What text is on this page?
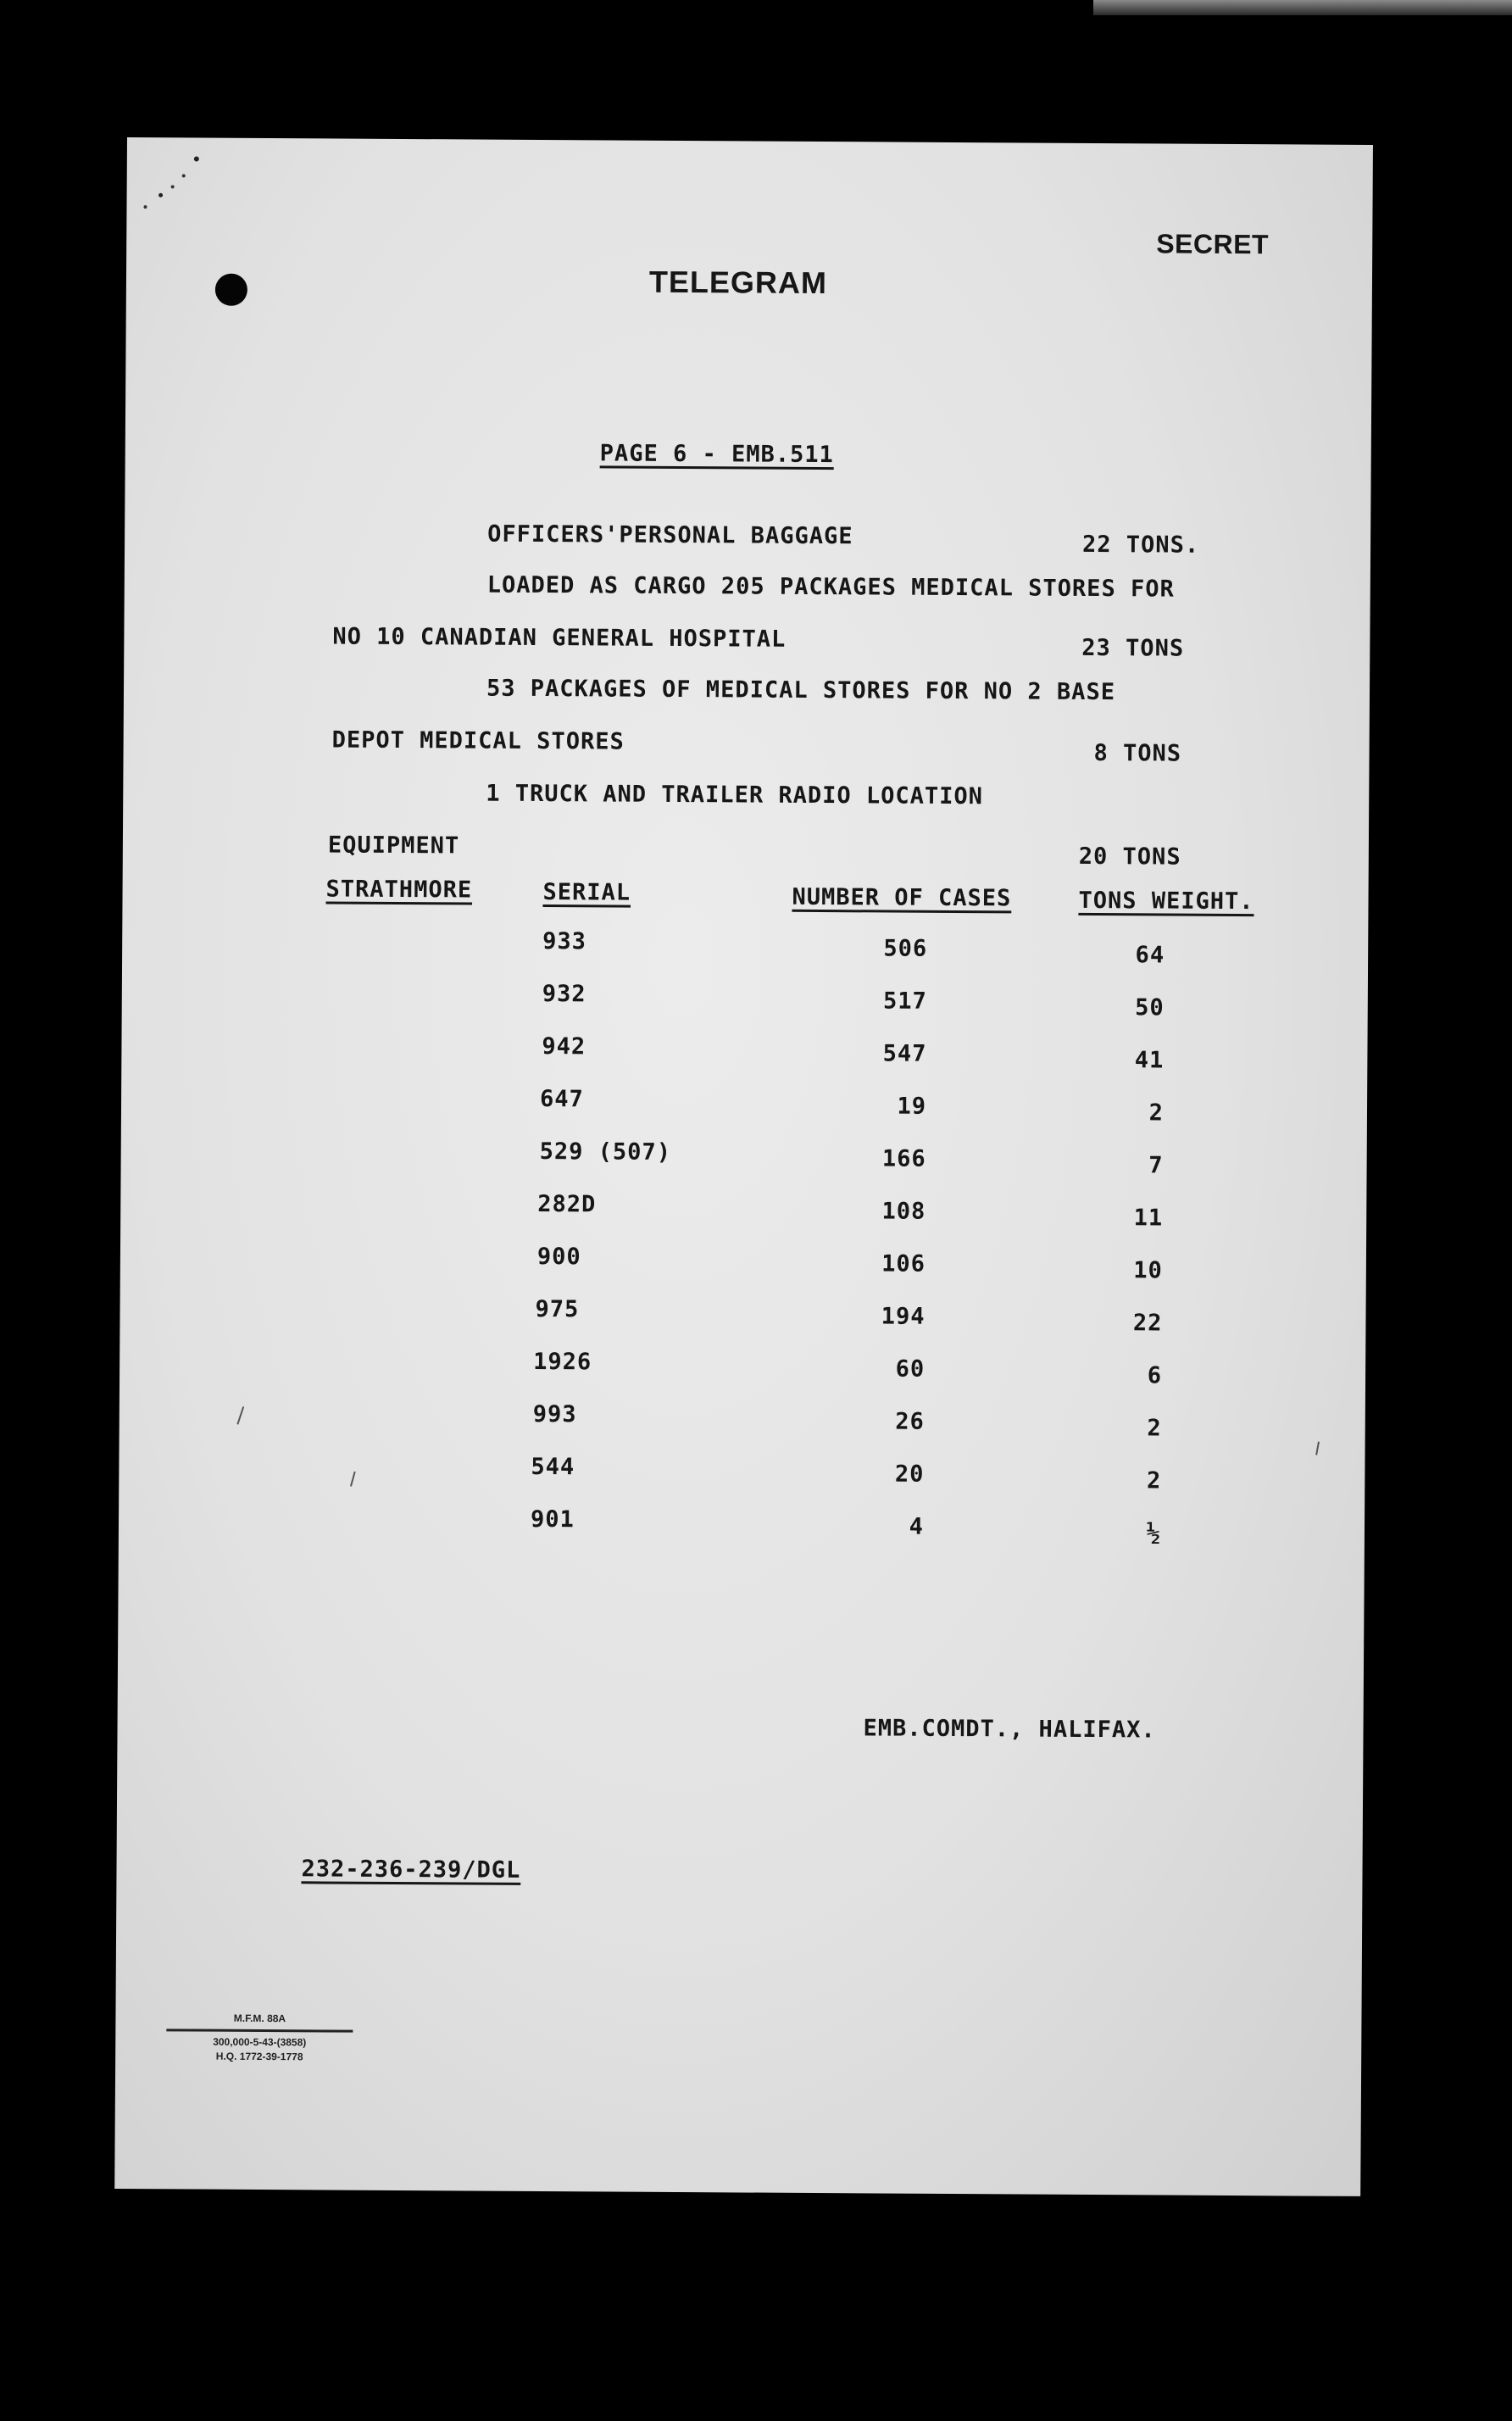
SECRET

TELEGRAM

PAGE 6 - EMB.511

OFFICERS'PERSONAL BAGGAGE	22 TONS.

LOADED AS CARGO 205 PACKAGES MEDICAL STORES FOR

NO 10 CANADIAN GENERAL HOSPITAL	23 TONS

53 PACKAGES OF MEDICAL STORES FOR NO 2 BASE

DEPOT MEDICAL STORES	8 TONS

1 TRUCK AND TRAILER RADIO LOCATION

EQUIPMENT	20 TONS

STRATHMORE	SERIAL	NUMBER OF CASES	TONS WEIGHT.

933	506	64

932	517	50

942	547	41

647	19	2

529 (507)	166	7

282D	108	11

900	106	10

975	194	22

1926	60	6

993	26	2

544	20	2

901	4	½

EMB.COMDT., HALIFAX.

232-236-239/DGL

M.F.M. 88A
300,000-5-43-(3858)
H.Q. 1772-39-1778
